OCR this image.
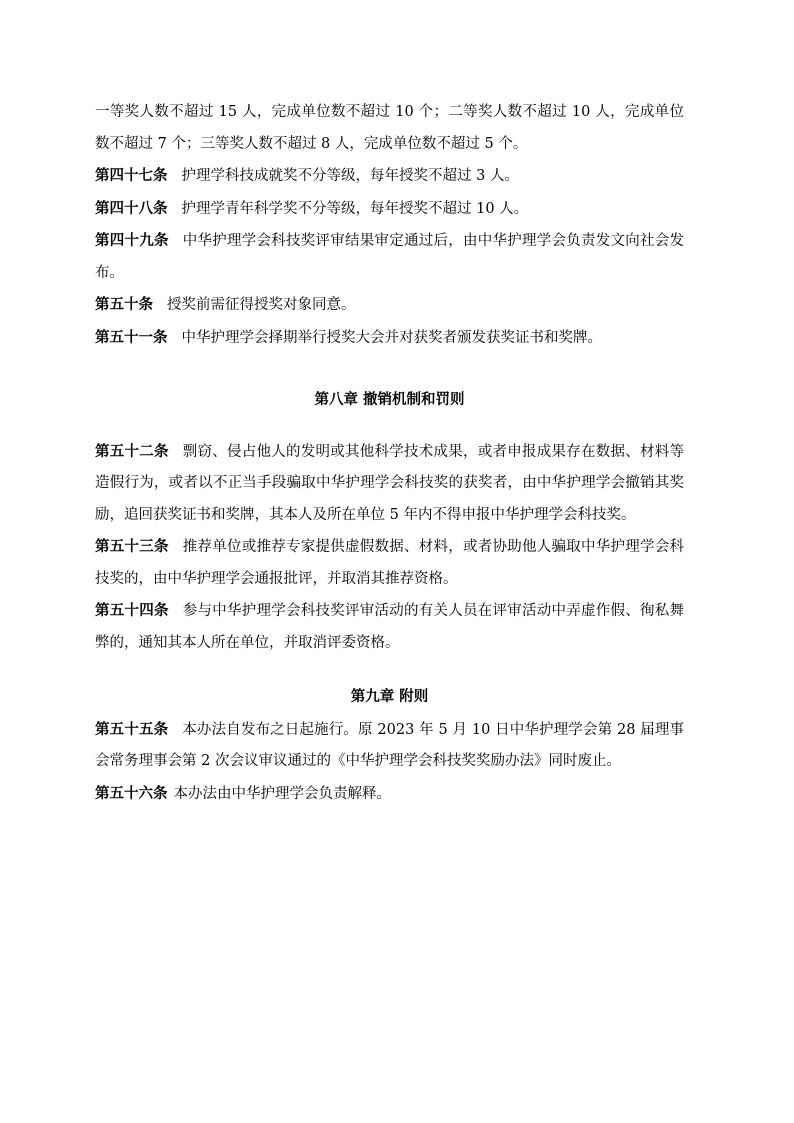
一等奖人数不超过 15 人，完成单位数不超过 10 个；二等奖人数不超过 10 人，完成单位数不超过 7 个；三等奖人数不超过 8 人，完成单位数不超过 5 个。

第四十七条 护理学科技成就奖不分等级，每年授奖不超过 3 人。

第四十八条 护理学青年科学奖不分等级，每年授奖不超过 10 人。

第四十九条 中华护理学会科技奖评审结果审定通过后，由中华护理学会负责发文向社会发布。

第五十条 授奖前需征得授奖对象同意。

第五十一条 中华护理学会择期举行授奖大会并对获奖者颁发获奖证书和奖牌。

第八章 撤销机制和罚则

第五十二条 剽窃、侵占他人的发明或其他科学技术成果，或者申报成果存在数据、材料等造假行为，或者以不正当手段骗取中华护理学会科技奖的获奖者，由中华护理学会撤销其奖励，追回获奖证书和奖牌，其本人及所在单位 5 年内不得申报中华护理学会科技奖。

第五十三条 推荐单位或推荐专家提供虚假数据、材料，或者协助他人骗取中华护理学会科技奖的，由中华护理学会通报批评，并取消其推荐资格。

第五十四条 参与中华护理学会科技奖评审活动的有关人员在评审活动中弄虚作假、徇私舞弊的，通知其本人所在单位，并取消评委资格。

第九章 附则

第五十五条 本办法自发布之日起施行。原 2023 年 5 月 10 日中华护理学会第 28 届理事会常务理事会第 2 次会议审议通过的《中华护理学会科技奖奖励办法》同时废止。

第五十六条 本办法由中华护理学会负责解释。
